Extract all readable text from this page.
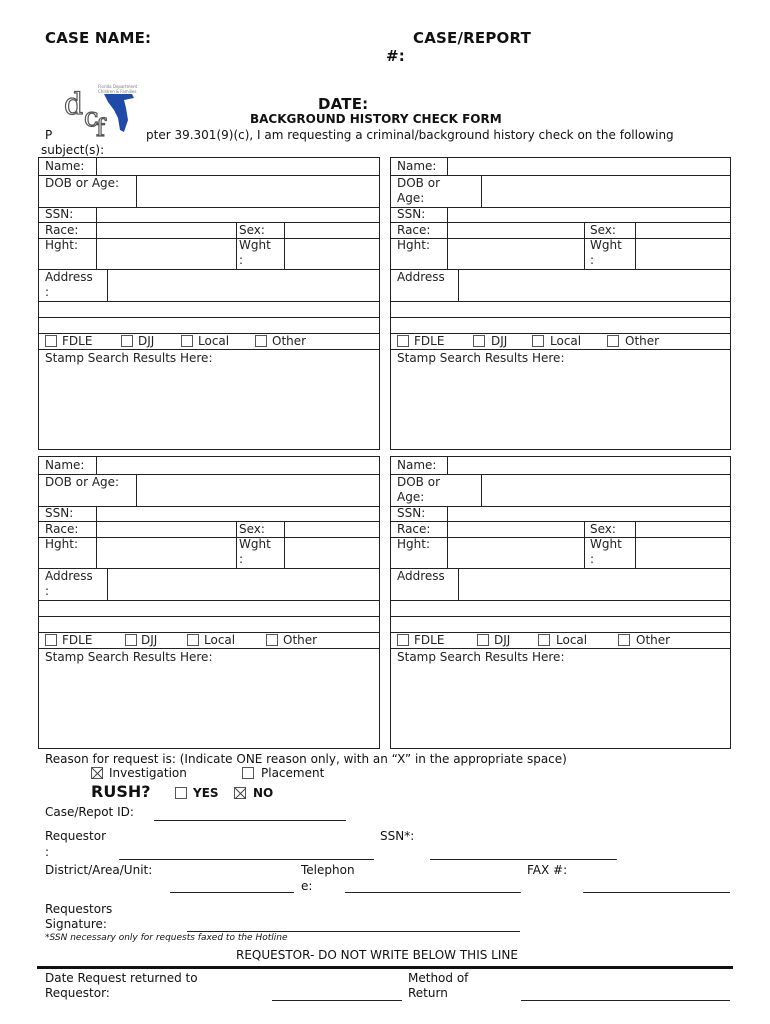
CASE NAME:	CASE/REPORT
#:
d c
f
Florida Department of
Children & Families
DATE:
BACKGROUND HISTORY CHECK FORM
P	pter 39.301(9)(c), I am requesting a criminal/background history check on the following
subject(s):
Name:
DOB or Age:
SSN:
Race:	Sex:
Hght:	Wght
:
Address
:
FDLE	DJJ	Local	Other
Stamp Search Results Here:
Name:
DOB or
Age:
SSN:
Race:	Sex:
Hght:	Wght
:
Address
FDLE	DJJ	Local	Other
Stamp Search Results Here:
Name:
DOB or Age:
SSN:
Race:	Sex:
Hght:	Wght
:
Address
:
FDLE	DJJ	Local	Other
Stamp Search Results Here:
Name:
DOB or
Age:
SSN:
Race:	Sex:
Hght:	Wght
:
Address
FDLE	DJJ	Local	Other
Stamp Search Results Here:
Reason for request is: (Indicate ONE reason only, with an “X” in the appropriate space)
Investigation	Placement
RUSH?	YES	NO
Case/Repot ID:
Requestor
:
SSN*:
District/Area/Unit:	Telephon
e:
FAX #:
Requestors
Signature:
*SSN necessary only for requests faxed to the Hotline
REQUESTOR- DO NOT WRITE BELOW THIS LINE
Date Request returned to
Requestor:
Method of
Return
